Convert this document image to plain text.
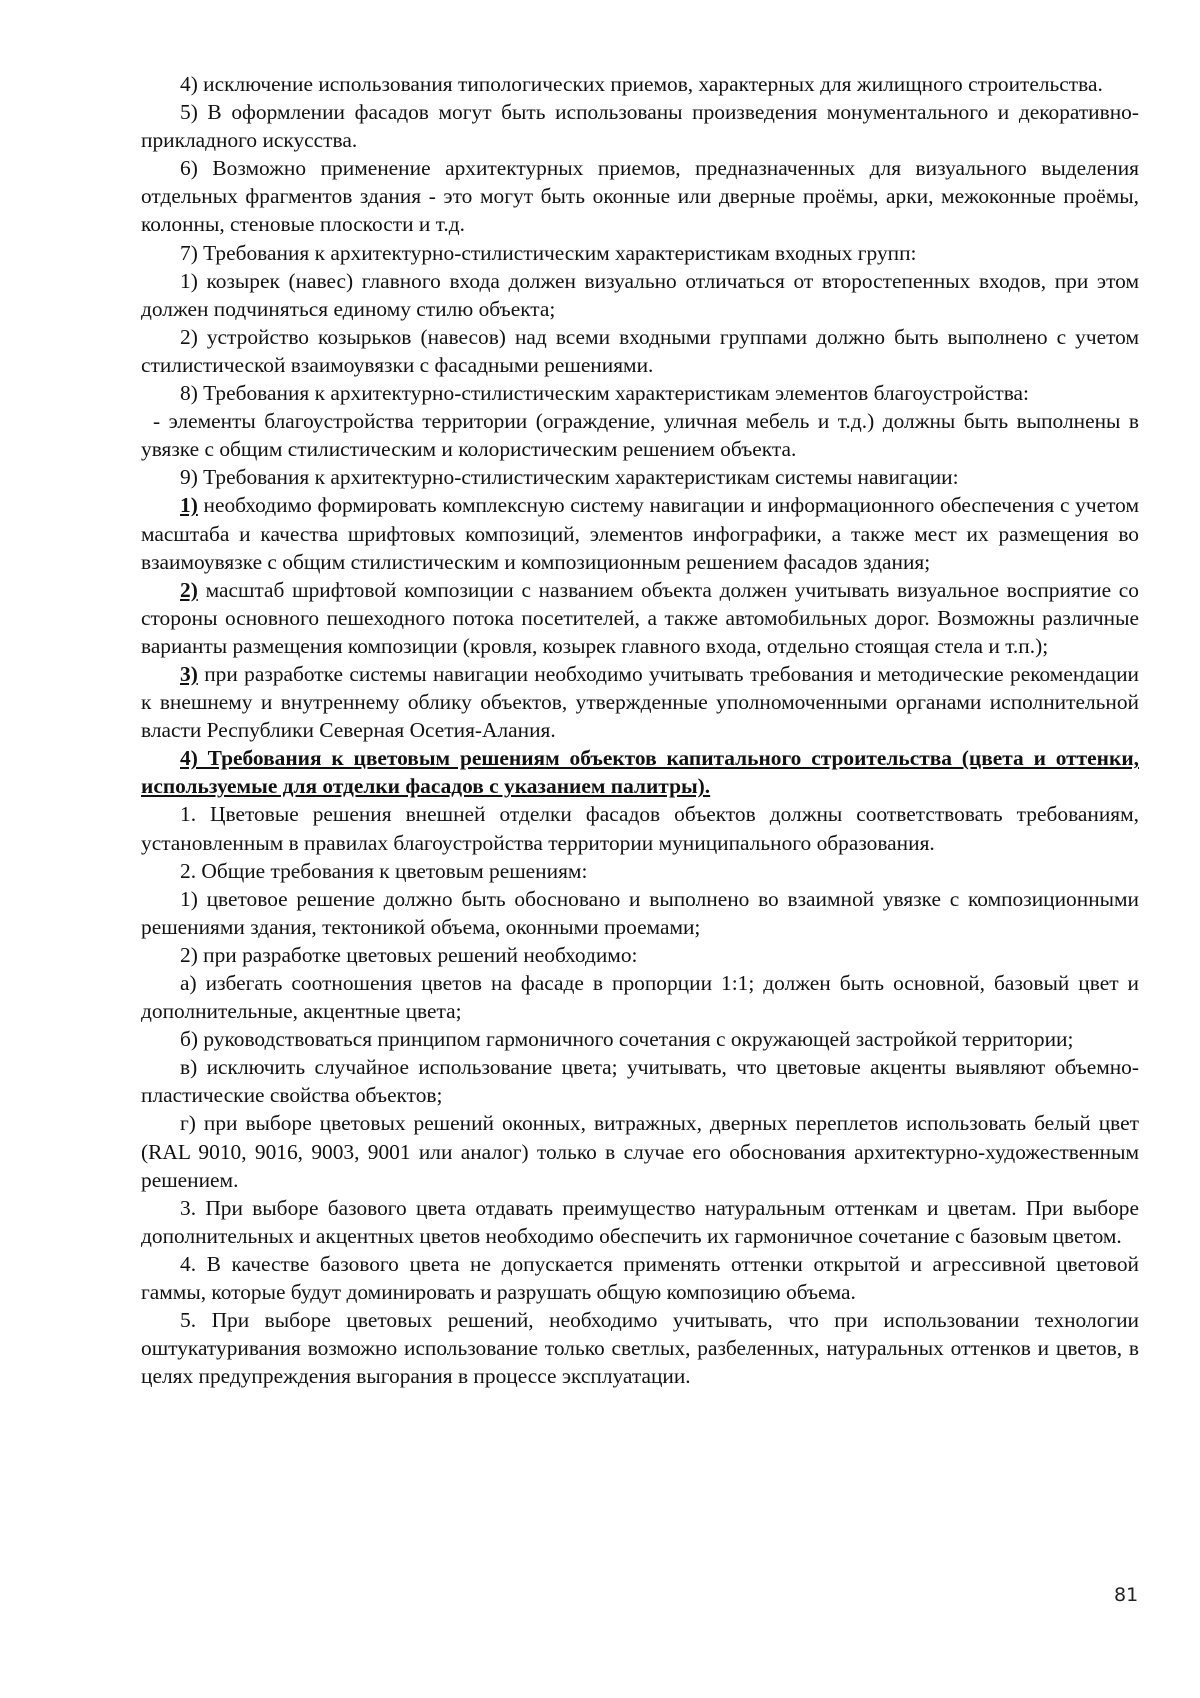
4) исключение использования типологических приемов, характерных для жилищного строительства.

5) В оформлении фасадов могут быть использованы произведения монументального и декоративно-прикладного искусства.

6) Возможно применение архитектурных приемов, предназначенных для визуального выделения отдельных фрагментов здания - это могут быть оконные или дверные проёмы, арки, межоконные проёмы, колонны, стеновые плоскости и т.д.

7) Требования к архитектурно-стилистическим характеристикам входных групп:

1) козырек (навес) главного входа должен визуально отличаться от второстепенных входов, при этом должен подчиняться единому стилю объекта;

2) устройство козырьков (навесов) над всеми входными группами должно быть выполнено с учетом стилистической взаимоувязки с фасадными решениями.

8) Требования к архитектурно-стилистическим характеристикам элементов благоустройства:

- элементы благоустройства территории (ограждение, уличная мебель и т.д.) должны быть выполнены в увязке с общим стилистическим и колористическим решением объекта.

9) Требования к архитектурно-стилистическим характеристикам системы навигации:

1) необходимо формировать комплексную систему навигации и информационного обеспечения с учетом масштаба и качества шрифтовых композиций, элементов инфографики, а также мест их размещения во взаимоувязке с общим стилистическим и композиционным решением фасадов здания;

2) масштаб шрифтовой композиции с названием объекта должен учитывать визуальное восприятие со стороны основного пешеходного потока посетителей, а также автомобильных дорог. Возможны различные варианты размещения композиции (кровля, козырек главного входа, отдельно стоящая стела и т.п.);

3) при разработке системы навигации необходимо учитывать требования и методические рекомендации к внешнему и внутреннему облику объектов, утвержденные уполномоченными органами исполнительной власти Республики Северная Осетия-Алания.

4) Требования к цветовым решениям объектов капитального строительства (цвета и оттенки, используемые для отделки фасадов с указанием палитры).

1. Цветовые решения внешней отделки фасадов объектов должны соответствовать требованиям, установленным в правилах благоустройства территории муниципального образования.

2. Общие требования к цветовым решениям:

1) цветовое решение должно быть обосновано и выполнено во взаимной увязке с композиционными решениями здания, тектоникой объема, оконными проемами;

2) при разработке цветовых решений необходимо:

а) избегать соотношения цветов на фасаде в пропорции 1:1; должен быть основной, базовый цвет и дополнительные, акцентные цвета;

б) руководствоваться принципом гармоничного сочетания с окружающей застройкой территории;

в) исключить случайное использование цвета; учитывать, что цветовые акценты выявляют объемно-пластические свойства объектов;

г) при выборе цветовых решений оконных, витражных, дверных переплетов использовать белый цвет (RAL 9010, 9016, 9003, 9001 или аналог) только в случае его обоснования архитектурно-художественным решением.

3. При выборе базового цвета отдавать преимущество натуральным оттенкам и цветам. При выборе дополнительных и акцентных цветов необходимо обеспечить их гармоничное сочетание с базовым цветом.

4. В качестве базового цвета не допускается применять оттенки открытой и агрессивной цветовой гаммы, которые будут доминировать и разрушать общую композицию объема.

5. При выборе цветовых решений, необходимо учитывать, что при использовании технологии оштукатуривания возможно использование только светлых, разбеленных, натуральных оттенков и цветов, в целях предупреждения выгорания в процессе эксплуатации.

81
